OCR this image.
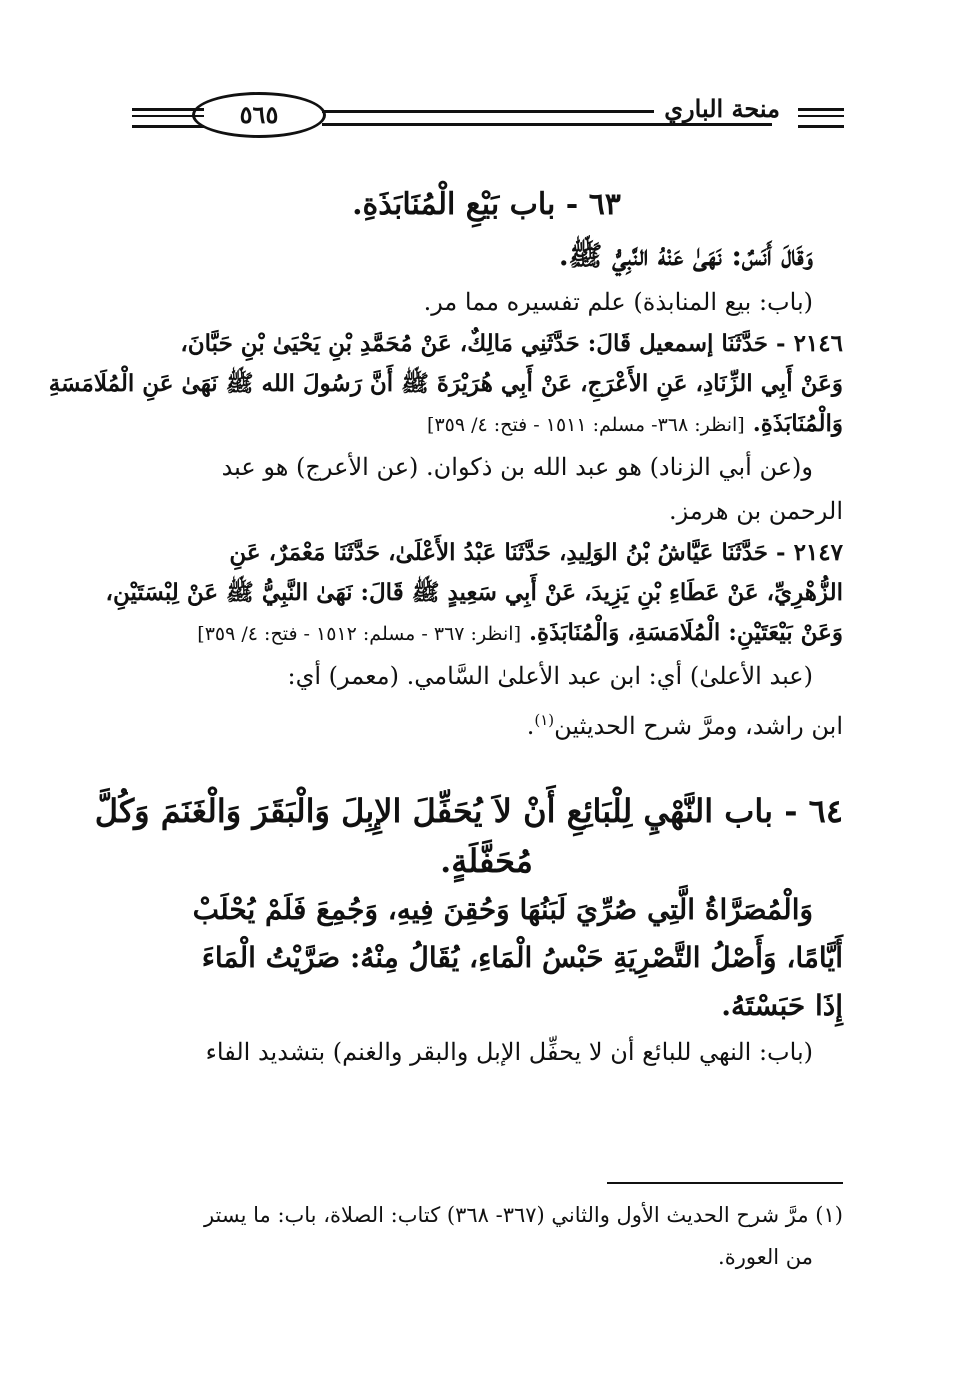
٥٦٥	منحة الباري
٦٣ - باب بَيْعِ الْمُنَابَذَةِ.
وَقَالَ أَنَسٌ: نَهَىٰ عَنْهُ النَّبِيُّ ﷺ.
(باب: بيع المنابذة) علم تفسيره مما مر.
٢١٤٦ - حَدَّثَنَا إسمعيل قَالَ: حَدَّثَنِي مَالِكٌ، عَنْ مُحَمَّدِ بْنِ يَحْيَىٰ بْنِ حَبَّانَ،
وَعَنْ أَبِي الزِّنَادِ، عَنِ الأَعْرَجِ، عَنْ أَبِي هُرَيْرَةَ ﷺ أَنَّ رَسُولَ الله ﷺ نَهَىٰ عَنِ الْمُلَامَسَةِ
وَالْمُنَابَذَةِ. [انظر: ٣٦٨- مسلم: ١٥١١ - فتح: ٤/ ٣٥٩]
و(عن أبي الزناد) هو عبد الله بن ذكوان. (عن الأعرج) هو عبد
الرحمن بن هرمز.
٢١٤٧ - حَدَّثَنَا عَيَّاشُ بْنُ الوَلِيدِ، حَدَّثَنَا عَبْدُ الأَعْلَىٰ، حَدَّثَنَا مَعْمَرٌ، عَنِ
الزُّهْرِيِّ، عَنْ عَطَاءِ بْنِ يَزِيدَ، عَنْ أَبِي سَعِيدٍ ﷺ قَالَ: نَهَىٰ النَّبِيُّ ﷺ عَنْ لِبْسَتَيْنِ،
وَعَنْ بَيْعَتَيْنِ: الْمُلَامَسَةِ، وَالْمُنَابَذَةِ. [انظر: ٣٦٧ - مسلم: ١٥١٢ - فتح: ٤/ ٣٥٩]
(عبد الأعلىٰ) أي: ابن عبد الأعلىٰ السَّامي. (معمر) أي:
ابن راشد، ومرَّ شرح الحديثين$^{(١)}$.
٦٤ - باب النَّهْيِ لِلْبَائِعِ أَنْ لاَ يُحَفِّلَ الإِبِلَ وَالْبَقَرَ وَالْغَنَمَ وَكُلَّ
مُحَفَّلَةٍ.
وَالْمُصَرَّاةُ الَّتِي صُرِّيَ لَبَنُهَا وَحُقِنَ فِيهِ، وَجُمِعَ فَلَمْ يُحْلَبْ
أَيَّامًا، وَأَصْلُ التَّصْرِيَةِ حَبْسُ الْمَاءِ، يُقَالُ مِنْهُ: صَرَّيْتُ الْمَاءَ
إِذَا حَبَسْتَهُ.
(باب: النهي للبائع أن لا يحفِّل الإبل والبقر والغنم) بتشديد الفاء
(١) مرَّ شرح الحديث الأول والثاني (٣٦٧- ٣٦٨) كتاب: الصلاة، باب: ما يستر
من العورة.
